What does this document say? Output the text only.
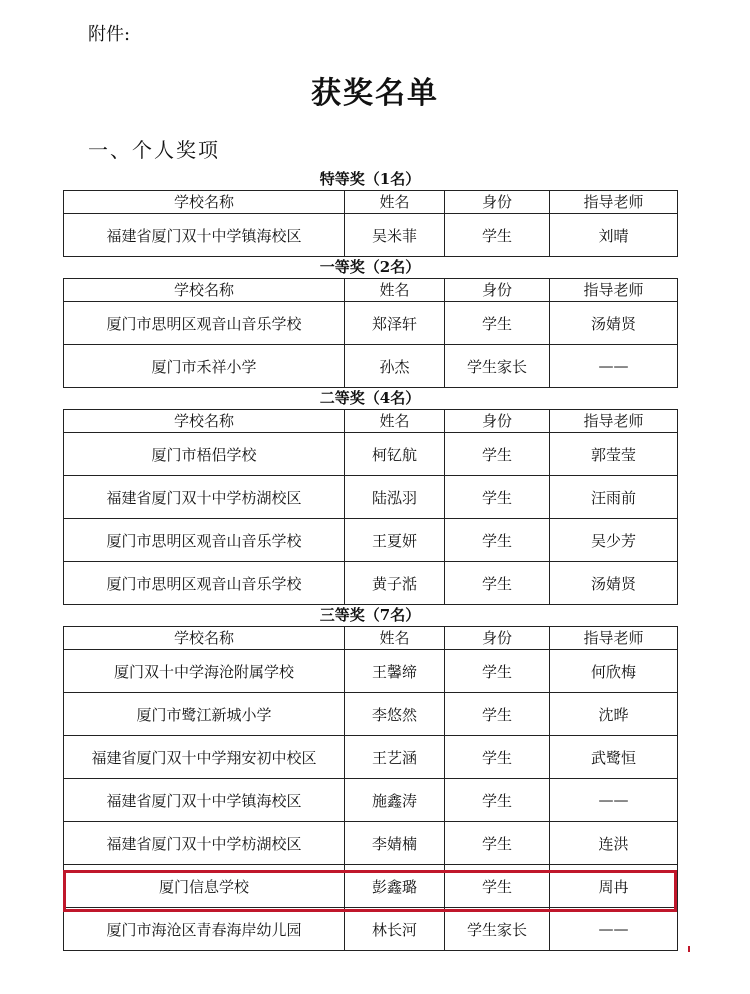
附件:
获奖名单
一、个人奖项
特等奖（1名）
学校名称	姓名	身份	指导老师
福建省厦门双十中学镇海校区	吴米菲	学生	刘晴
一等奖（2名）
学校名称	姓名	身份	指导老师
厦门市思明区观音山音乐学校	郑泽轩	学生	汤婧贤
厦门市禾祥小学	孙杰	学生家长	——
二等奖（4名）
学校名称	姓名	身份	指导老师
厦门市梧侣学校	柯钇航	学生	郭莹莹
福建省厦门双十中学枋湖校区	陆泓羽	学生	汪雨前
厦门市思明区观音山音乐学校	王夏妍	学生	吴少芳
厦门市思明区观音山音乐学校	黄子湉	学生	汤婧贤
三等奖（7名）
学校名称	姓名	身份	指导老师
厦门双十中学海沧附属学校	王馨缔	学生	何欣梅
厦门市鹭江新城小学	李悠然	学生	沈晔
福建省厦门双十中学翔安初中校区	王艺涵	学生	武鹭恒
福建省厦门双十中学镇海校区	施鑫涛	学生	——
福建省厦门双十中学枋湖校区	李婧楠	学生	连洪
厦门信息学校	彭鑫璐	学生	周冉
厦门市海沧区青春海岸幼儿园	林长河	学生家长	——
